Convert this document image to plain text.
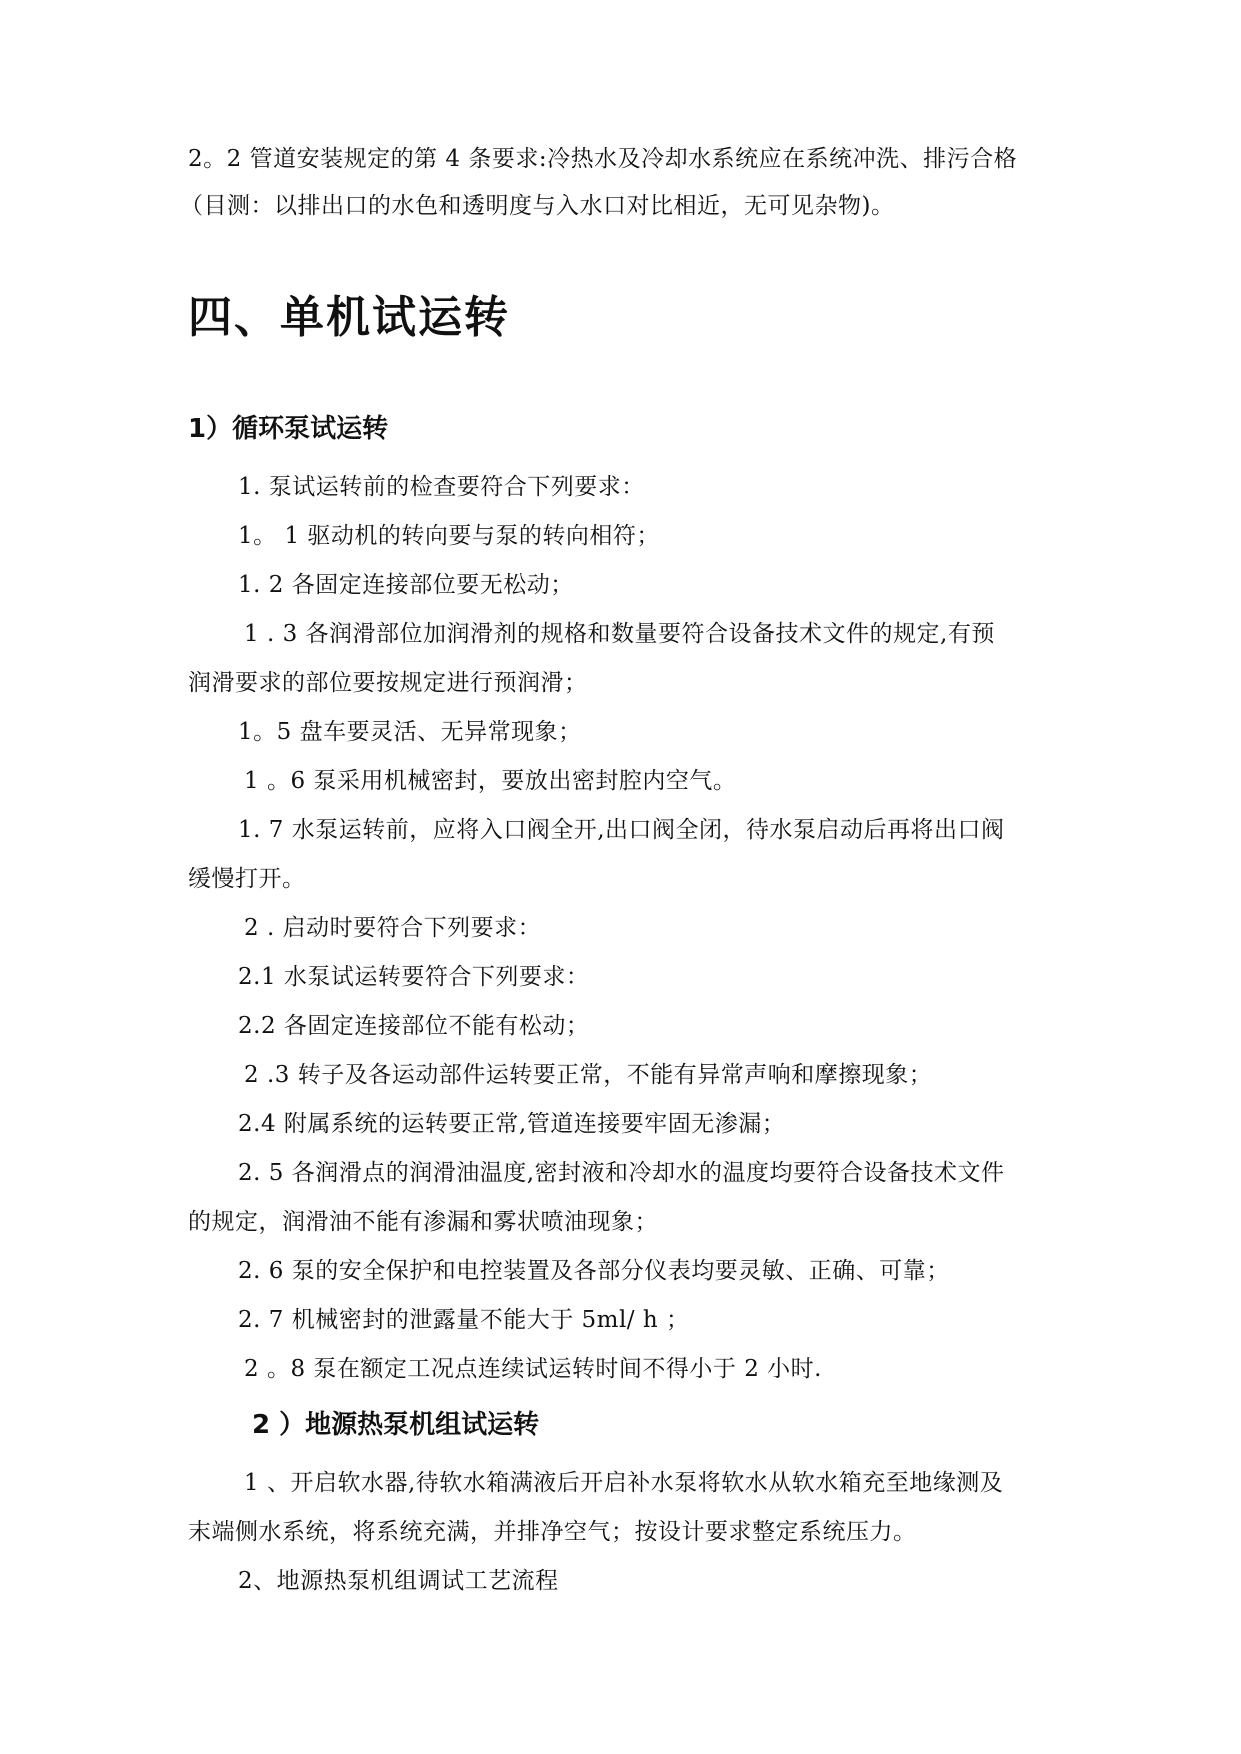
2。2 管道安装规定的第 4 条要求:冷热水及冷却水系统应在系统冲洗、排污合格
（目测：以排出口的水色和透明度与入水口对比相近，无可见杂物)。
四、单机试运转
1）循环泵试运转
1. 泵试运转前的检查要符合下列要求：
1。 1 驱动机的转向要与泵的转向相符；
1. 2 各固定连接部位要无松动；
1 . 3 各润滑部位加润滑剂的规格和数量要符合设备技术文件的规定,有预
润滑要求的部位要按规定进行预润滑；
1。5 盘车要灵活、无异常现象；
1 。6 泵采用机械密封，要放出密封腔内空气。
1. 7 水泵运转前，应将入口阀全开,出口阀全闭，待水泵启动后再将出口阀
缓慢打开。
2 . 启动时要符合下列要求：
2.1 水泵试运转要符合下列要求：
2.2 各固定连接部位不能有松动；
2 .3 转子及各运动部件运转要正常，不能有异常声响和摩擦现象；
2.4 附属系统的运转要正常,管道连接要牢固无渗漏；
2. 5 各润滑点的润滑油温度,密封液和冷却水的温度均要符合设备技术文件
的规定，润滑油不能有渗漏和雾状喷油现象；
2. 6 泵的安全保护和电控装置及各部分仪表均要灵敏、正确、可靠；
2. 7 机械密封的泄露量不能大于 5ml/ h ；
2 。8 泵在额定工况点连续试运转时间不得小于 2 小时.
2 ）地源热泵机组试运转
1 、开启软水器,待软水箱满液后开启补水泵将软水从软水箱充至地缘测及
末端侧水系统，将系统充满，并排净空气；按设计要求整定系统压力。
2、地源热泵机组调试工艺流程
